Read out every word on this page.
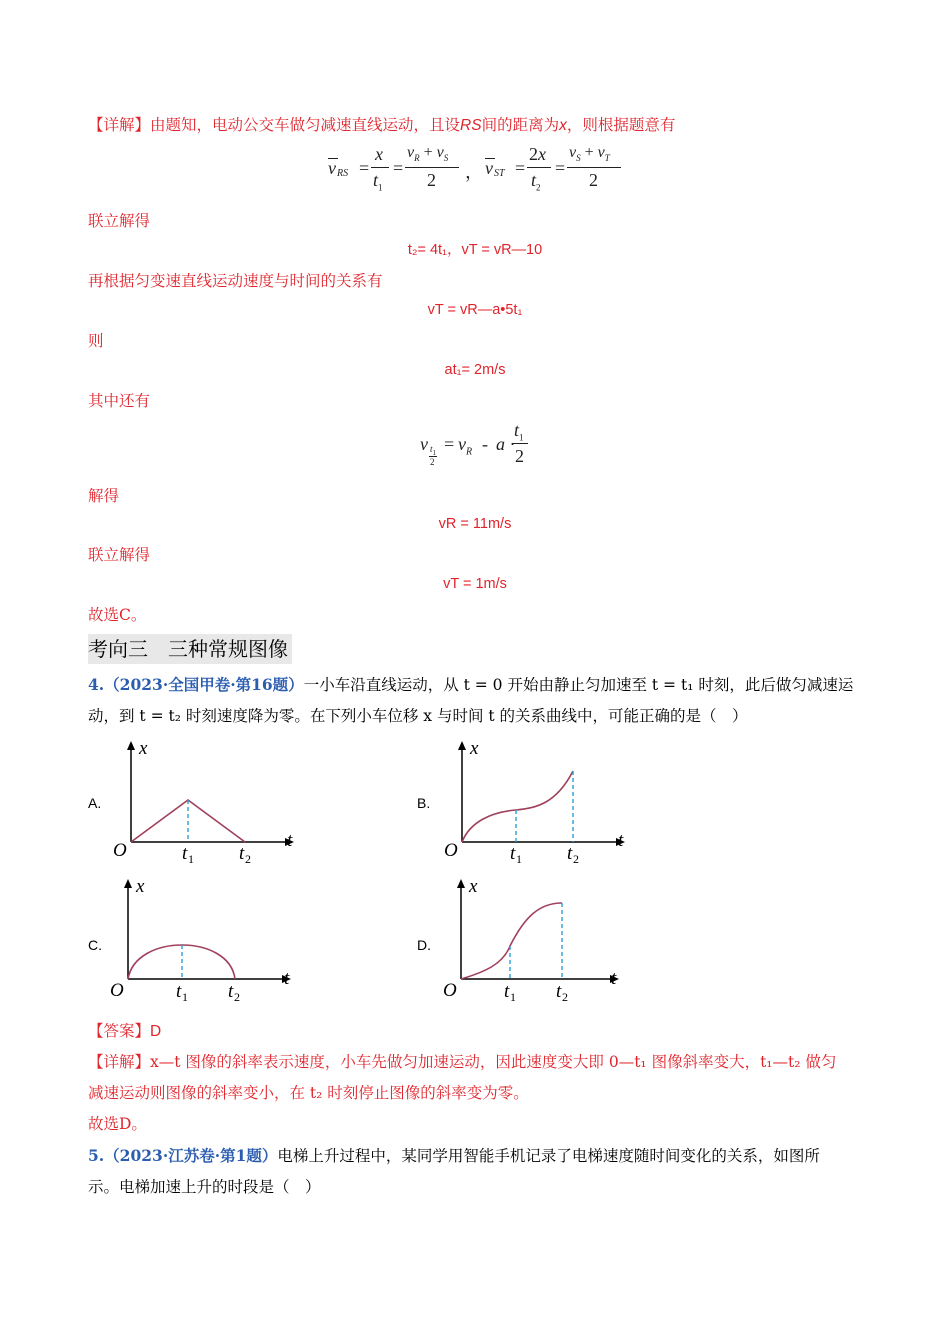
【详解】由题知，电动公交车做匀减速直线运动，且设RS间的距离为x，则根据题意有
v RS =
x
$t_1$
=
$v_R + v_S$
2 ， v ST =
2x
$t_2$
=
$v_S + v_T$
2
联立解得
t₂= 4t₁，vT = vR—10
再根据匀变速直线运动速度与时间的关系有
vT = vR—a•5t₁
则
at₁= 2m/s
其中还有
v $t_1$
2
= $v_R$ - a ·
$t_1$
2
解得
vR = 11m/s
联立解得
vT = 1m/s
故选C。
考向三　三种常规图像
4.（2023·全国甲卷·第16题）一小车沿直线运动，从 t = 0 开始由静止匀加速至 t = t₁ 时刻，此后做匀减速运
动，到 t = t₂ 时刻速度降为零。在下列小车位移 x 与时间 t 的关系曲线中，可能正确的是（　）
A.	B.
C.	D.
x
O	t
t 1 t 2
x
O	t
t 1 t 2
x
O
t
t 1 t 2
x
O
t
t 1 t 2
【答案】D
【详解】x—t 图像的斜率表示速度，小车先做匀加速运动，因此速度变大即 0—t₁ 图像斜率变大，t₁—t₂ 做匀
减速运动则图像的斜率变小，在 t₂ 时刻停止图像的斜率变为零。
故选D。
5.（2023·江苏卷·第1题）电梯上升过程中，某同学用智能手机记录了电梯速度随时间变化的关系，如图所
示。电梯加速上升的时段是（　）
